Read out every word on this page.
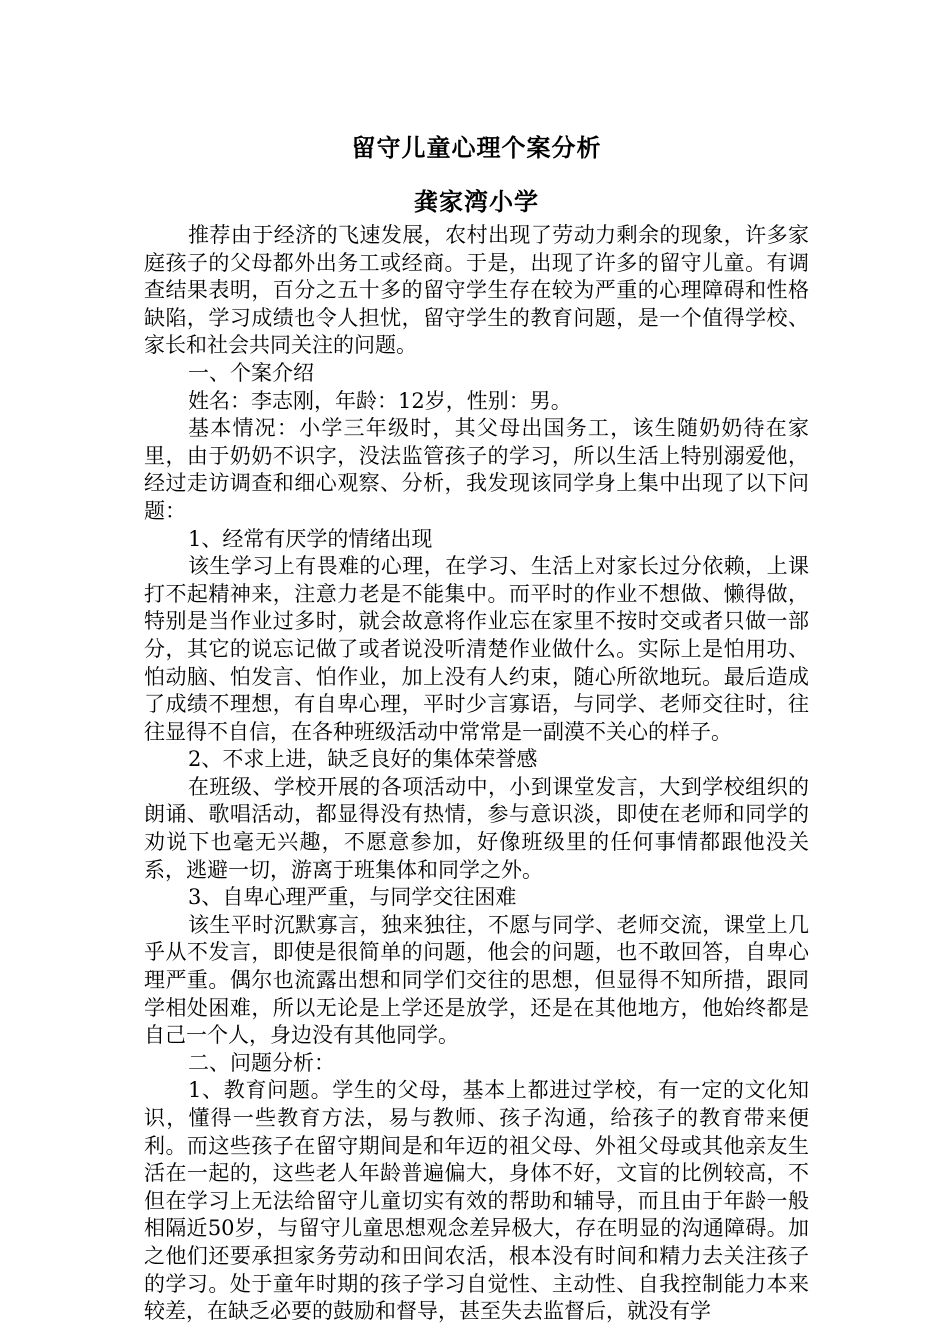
留守儿童心理个案分析
龚家湾小学

推荐由于经济的飞速发展，农村出现了劳动力剩余的现象，许多家庭孩子的父母都外出务工或经商。于是，出现了许多的留守儿童。有调查结果表明，百分之五十多的留守学生存在较为严重的心理障碍和性格缺陷，学习成绩也令人担忧，留守学生的教育问题，是一个值得学校、家长和社会共同关注的问题。

一、个案介绍

姓名：李志刚，年龄：12岁，性别：男。

基本情况：小学三年级时，其父母出国务工，该生随奶奶待在家里，由于奶奶不识字，没法监管孩子的学习，所以生活上特别溺爱他，经过走访调查和细心观察、分析，我发现该同学身上集中出现了以下问题：

1、经常有厌学的情绪出现

该生学习上有畏难的心理，在学习、生活上对家长过分依赖，上课打不起精神来，注意力老是不能集中。而平时的作业不想做、懒得做，特别是当作业过多时，就会故意将作业忘在家里不按时交或者只做一部分，其它的说忘记做了或者说没听清楚作业做什么。实际上是怕用功、怕动脑、怕发言、怕作业，加上没有人约束，随心所欲地玩。最后造成了成绩不理想，有自卑心理，平时少言寡语，与同学、老师交往时，往往显得不自信，在各种班级活动中常常是一副漠不关心的样子。

2、不求上进，缺乏良好的集体荣誉感

在班级、学校开展的各项活动中，小到课堂发言，大到学校组织的朗诵、歌唱活动，都显得没有热情，参与意识淡，即使在老师和同学的劝说下也毫无兴趣，不愿意参加，好像班级里的任何事情都跟他没关系，逃避一切，游离于班集体和同学之外。

3、自卑心理严重，与同学交往困难

该生平时沉默寡言，独来独往，不愿与同学、老师交流，课堂上几乎从不发言，即使是很简单的问题，他会的问题，也不敢回答，自卑心理严重。偶尔也流露出想和同学们交往的思想，但显得不知所措，跟同学相处困难，所以无论是上学还是放学，还是在其他地方，他始终都是自己一个人，身边没有其他同学。

二、问题分析：

1、教育问题。学生的父母，基本上都进过学校，有一定的文化知识，懂得一些教育方法，易与教师、孩子沟通，给孩子的教育带来便利。而这些孩子在留守期间是和年迈的祖父母、外祖父母或其他亲友生活在一起的，这些老人年龄普遍偏大，身体不好，文盲的比例较高，不但在学习上无法给留守儿童切实有效的帮助和辅导，而且由于年龄一般相隔近50岁，与留守儿童思想观念差异极大，存在明显的沟通障碍。加之他们还要承担家务劳动和田间农活，根本没有时间和精力去关注孩子的学习。处于童年时期的孩子学习自觉性、主动性、自我控制能力本来较差，在缺乏必要的鼓励和督导，甚至失去监督后，就没有学
